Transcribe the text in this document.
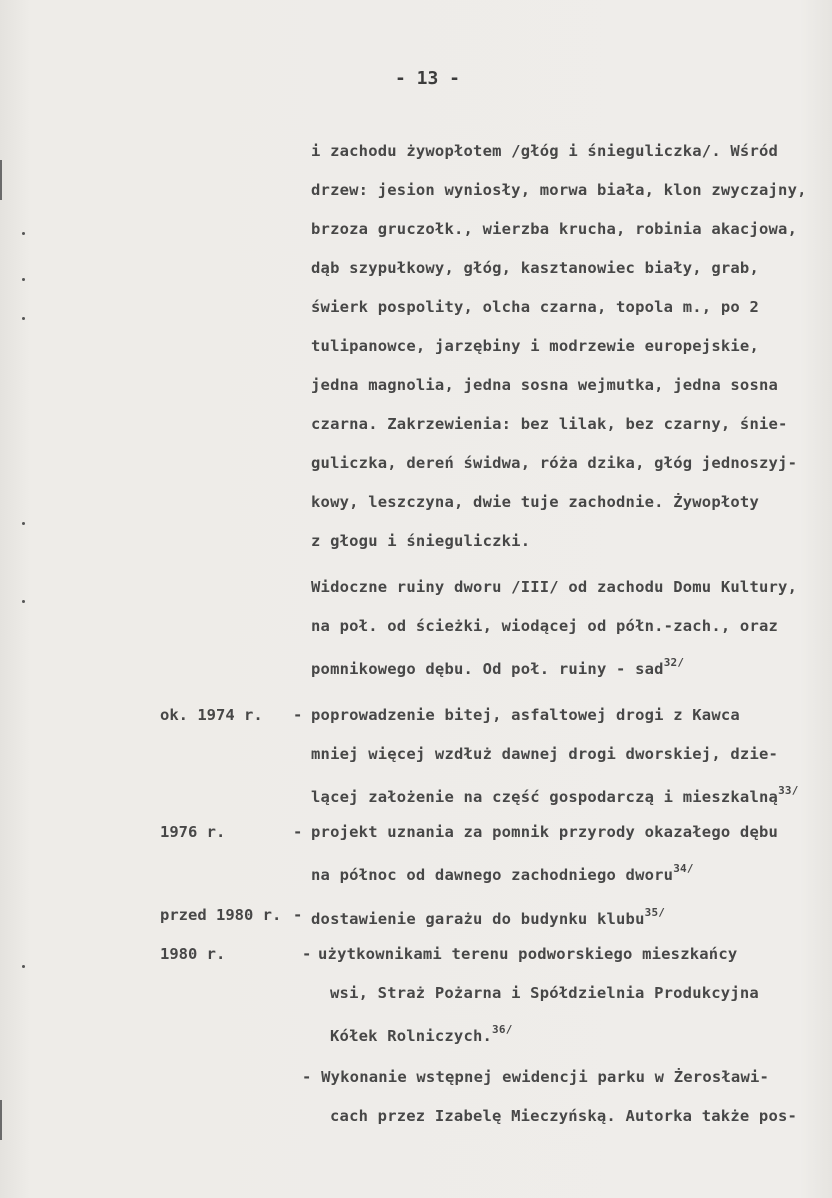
- 13 -
i zachodu żywopłotem /głóg i śnieguliczka/. Wśród
drzew: jesion wyniosły, morwa biała, klon zwyczajny,
brzoza gruczołk., wierzba krucha, robinia akacjowa,
dąb szypułkowy, głóg, kasztanowiec biały, grab,
świerk pospolity, olcha czarna, topola m., po 2
tulipanowce, jarzębiny i modrzewie europejskie,
jedna magnolia, jedna sosna wejmutka, jedna sosna
czarna. Zakrzewienia: bez lilak, bez czarny, śnie-
guliczka, dereń świdwa, róża dzika, głóg jednoszyj-
kowy, leszczyna, dwie tuje zachodnie. Żywopłoty
z głogu i śnieguliczki.
Widoczne ruiny dworu /III/ od zachodu Domu Kultury,
na poł. od ścieżki, wiodącej od półn.-zach., oraz
pomnikowego dębu. Od poł. ruiny - sad$^{32/}$
ok. 1974 r. - poprowadzenie bitej, asfaltowej drogi z Kawca
mniej więcej wzdłuż dawnej drogi dworskiej, dzie-
lącej założenie na część gospodarczą i mieszkalną$^{33/}$
1976 r.	- projekt uznania za pomnik przyrody okazałego dębu
na północ od dawnego zachodniego dworu$^{34/}$
przed 1980 r. - dostawienie garażu do budynku klubu$^{35/}$
1980 r.	- użytkownikami terenu podworskiego mieszkańcy
wsi, Straż Pożarna i Spółdzielnia Produkcyjna
Kółek Rolniczych.$^{36/}$
- Wykonanie wstępnej ewidencji parku w Żerosławi-
cach przez Izabelę Mieczyńską. Autorka także pos-
